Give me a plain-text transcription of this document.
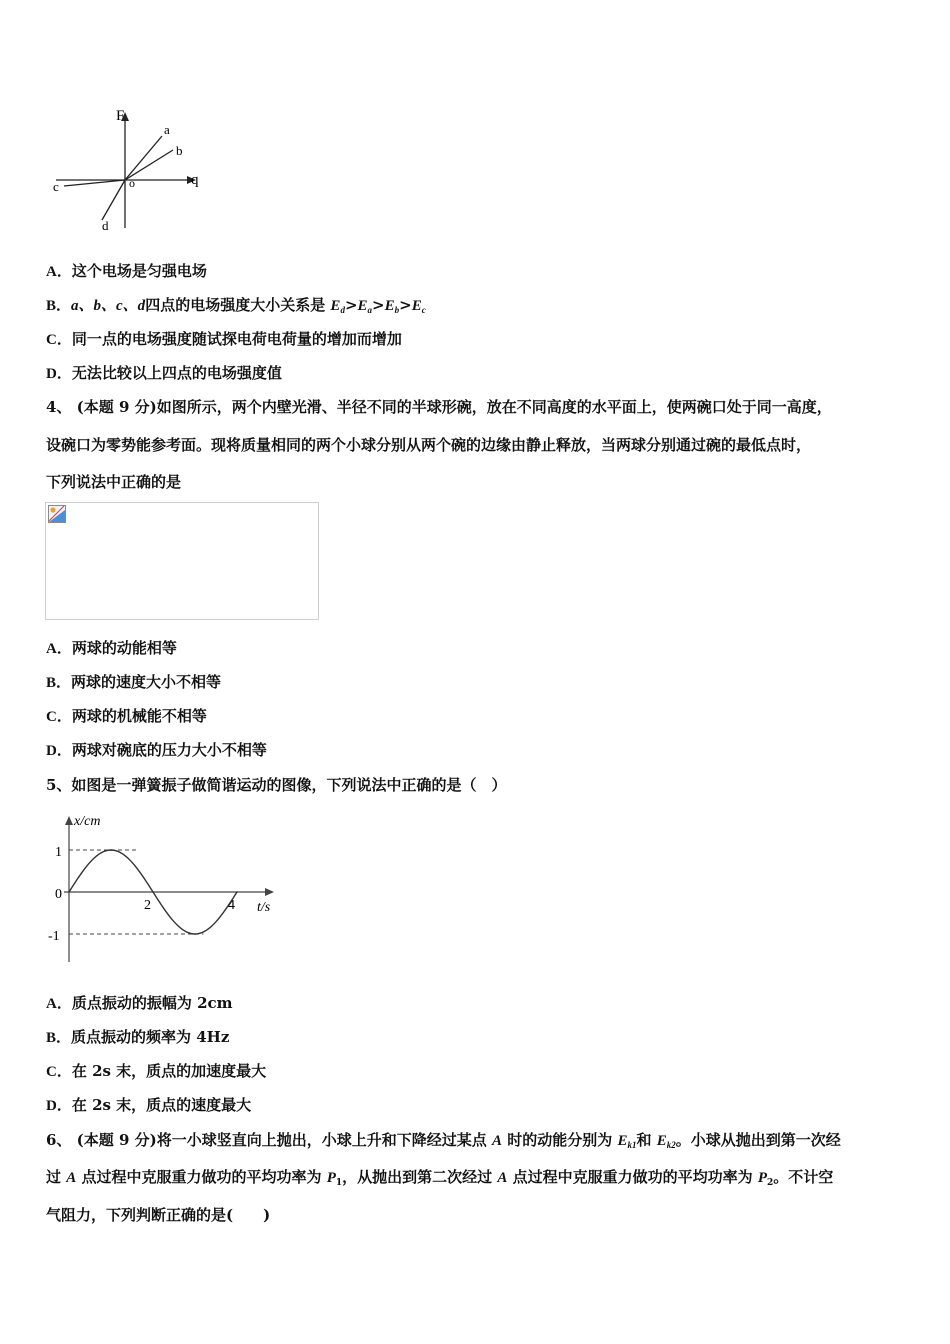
F
q
o
a
b
c
d
A．这个电场是匀强电场
B．a、b、c、d四点的电场强度大小关系是 $E_d>E_a>E_b>E_c$
C．同一点的电场强度随试探电荷电荷量的增加而增加
D．无法比较以上四点的电场强度值
4、 (本题 9 分)如图所示，两个内壁光滑、半径不同的半球形碗，放在不同高度的水平面上，使两碗口处于同一高度，
设碗口为零势能参考面。现将质量相同的两个小球分别从两个碗的边缘由静止释放，当两球分别通过碗的最低点时，
下列说法中正确的是
A．两球的动能相等
B．两球的速度大小不相等
C．两球的机械能不相等
D．两球对碗底的压力大小不相等
5、如图是一弹簧振子做简谐运动的图像，下列说法中正确的是（　）
x/cm
t/s
1
0
-1
2	4
A．质点振动的振幅为 2cm
B．质点振动的频率为 4Hz
C．在 2s 末，质点的加速度最大
D．在 2s 末，质点的速度最大
6、 (本题 9 分)将一小球竖直向上抛出，小球上升和下降经过某点 A 时的动能分别为 $E_{k1}$和 $E_{k2}$。小球从抛出到第一次经
过 A 点过程中克服重力做功的平均功率为 $P_1$，从抛出到第二次经过 A 点过程中克服重力做功的平均功率为 $P_2$。不计空
气阻力，下列判断正确的是(　　)
